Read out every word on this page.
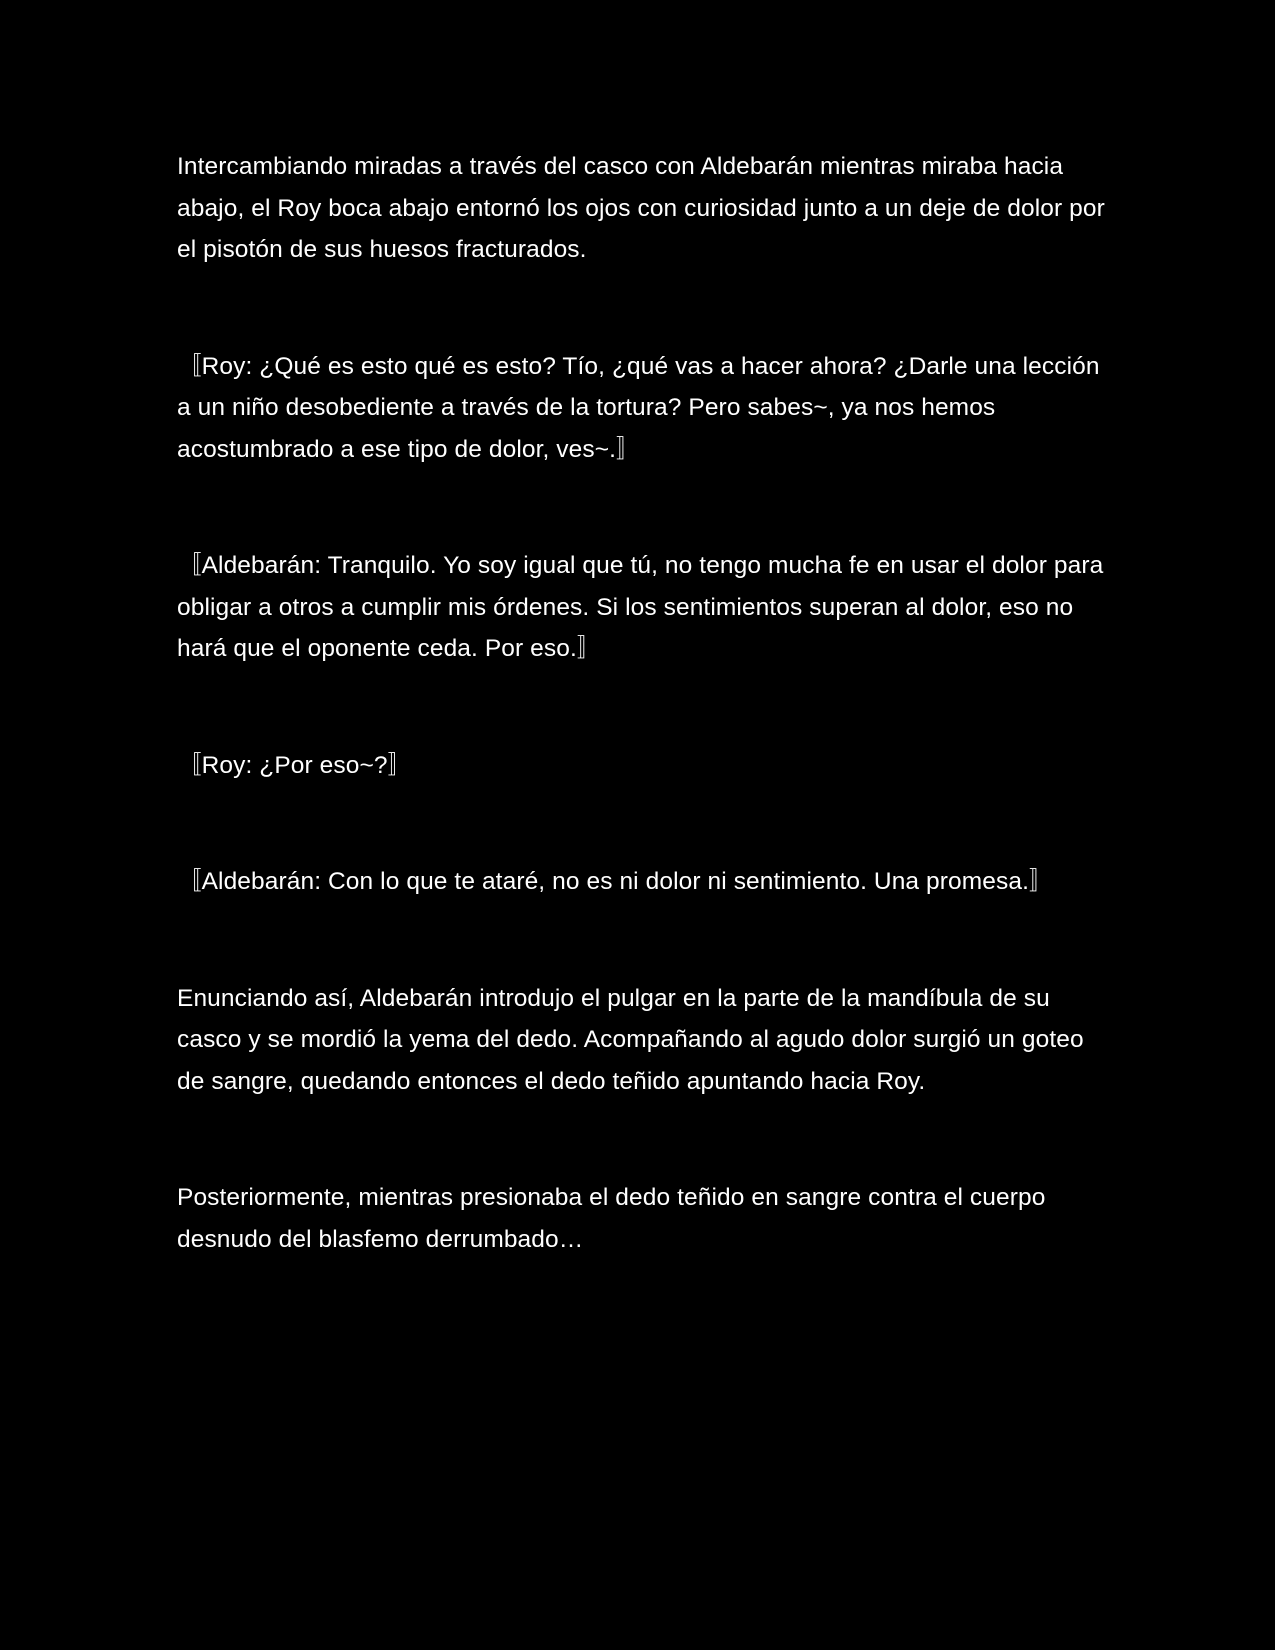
Intercambiando miradas a través del casco con Aldebarán mientras miraba hacia abajo, el Roy boca abajo entornó los ojos con curiosidad junto a un deje de dolor por el pisotón de sus huesos fracturados.

〚Roy: ¿Qué es esto qué es esto? Tío, ¿qué vas a hacer ahora? ¿Darle una lección a un niño desobediente a través de la tortura? Pero sabes~, ya nos hemos acostumbrado a ese tipo de dolor, ves~.〛

〚Aldebarán: Tranquilo. Yo soy igual que tú, no tengo mucha fe en usar el dolor para obligar a otros a cumplir mis órdenes. Si los sentimientos superan al dolor, eso no hará que el oponente ceda. Por eso.〛

〚Roy: ¿Por eso~?〛

〚Aldebarán: Con lo que te ataré, no es ni dolor ni sentimiento. Una promesa.〛

Enunciando así, Aldebarán introdujo el pulgar en la parte de la mandíbula de su casco y se mordió la yema del dedo. Acompañando al agudo dolor surgió un goteo de sangre, quedando entonces el dedo teñido apuntando hacia Roy.

Posteriormente, mientras presionaba el dedo teñido en sangre contra el cuerpo desnudo del blasfemo derrumbado…
